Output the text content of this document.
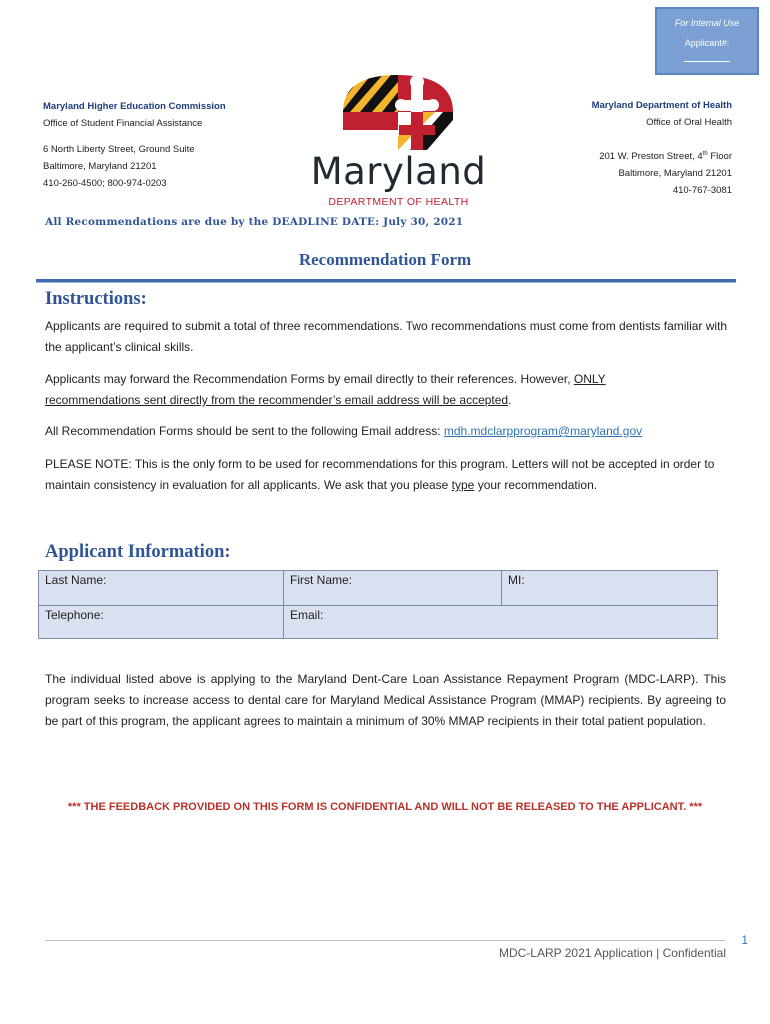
For Internal Use
Applicant#:
Maryland Higher Education Commission
Office of Student Financial Assistance
6 North Liberty Street, Ground Suite
Baltimore, Maryland 21201
410-260-4500; 800-974-0203	Maryland
DEPARTMENT OF HEALTH
Maryland Department of Health
Office of Oral Health
201 W. Preston Street, 4th Floor
Baltimore, Maryland 21201
410-767-3081
All Recommendations are due by the DEADLINE DATE: July 30, 2021
Recommendation Form
Instructions:
Applicants are required to submit a total of three recommendations. Two recommendations must come from dentists familiar with the applicant’s clinical skills.
Applicants may forward the Recommendation Forms by email directly to their references. However, ONLY
recommendations sent directly from the recommender’s email address will be accepted.
All Recommendation Forms should be sent to the following Email address: mdh.mdclarpprogram@maryland.gov
PLEASE NOTE: This is the only form to be used for recommendations for this program. Letters will not be accepted in order to maintain consistency in evaluation for all applicants. We ask that you please type your recommendation.
Applicant Information:
Last Name:	First Name:	MI:
Telephone:	Email:	
The individual listed above is applying to the Maryland Dent-Care Loan Assistance Repayment Program (MDC-LARP). This program seeks to increase access to dental care for Maryland Medical Assistance Program (MMAP) recipients. By agreeing to be part of this program, the applicant agrees to maintain a minimum of 30% MMAP recipients in their total patient population.
*** THE FEEDBACK PROVIDED ON THIS FORM IS CONFIDENTIAL AND WILL NOT BE RELEASED TO THE APPLICANT. ***
1
MDC-LARP 2021 Application | Confidential
